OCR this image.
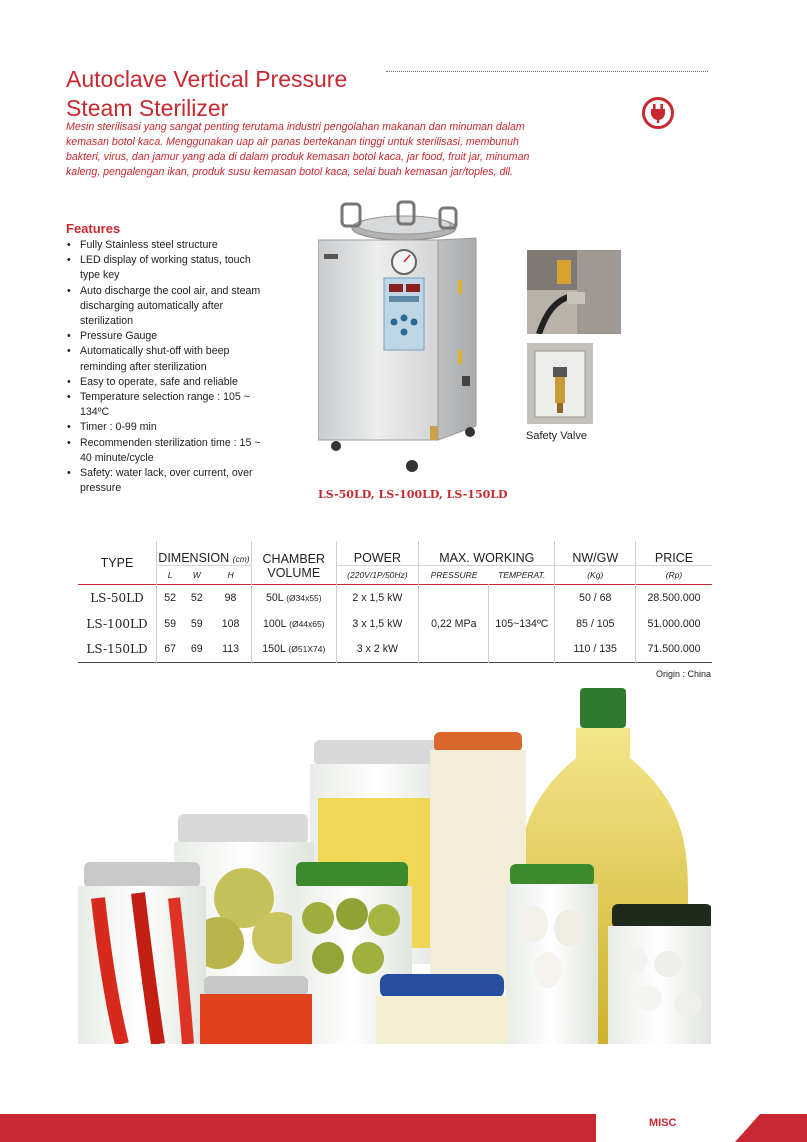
Autoclave Vertical Pressure Steam Sterilizer

Mesin sterilisasi yang sangat penting terutama industri pengolahan makanan dan minuman dalam kemasan botol kaca. Menggunakan uap air panas bertekanan tinggi untuk sterilisasi, membunuh bakteri, virus, dan jamur yang ada di dalam produk kemasan botol kaca, jar food, fruit jar, minuman kaleng, pengalengan ikan, produk susu kemasan botol kaca, selai buah kemasan jar/toples, dll.

Features
• Fully Stainless steel structure
• LED display of working status, touch type key
• Auto discharge the cool air, and steam discharging automatically after sterilization
• Pressure Gauge
• Automatically shut-off with beep reminding after sterilization
• Easy to operate, safe and reliable
• Temperature selection range : 105 ~ 134ºC
• Timer : 0-99 min
• Recommenden sterilization time : 15 ~ 40 minute/cycle
• Safety: water lack, over current, over pressure
Safety Valve
LS-50LD, LS-100LD, LS-150LD
TYPE	DIMENSION (cm)			CHAMBER	POWER	MAX. WORKING		NW/GW	PRICE
	L	W	H	VOLUME	(220V/1P/50Hz)	PRESSURE	TEMPERAT.	(Kg)	(Rp)
LS-50LD	52	52	98	50L (Ø34x55)	2 x 1,5 kW	0,22 MPa	105~134ºC	50 / 68	28.500.000
LS-100LD	59	59	108	100L (Ø44x65)	3 x 1,5 kW			85 / 105	51.000.000
LS-150LD	67	69	113	150L (Ø51X74)	3 x 2 kW			110 / 135	71.500.000
Origin : China
MISC
